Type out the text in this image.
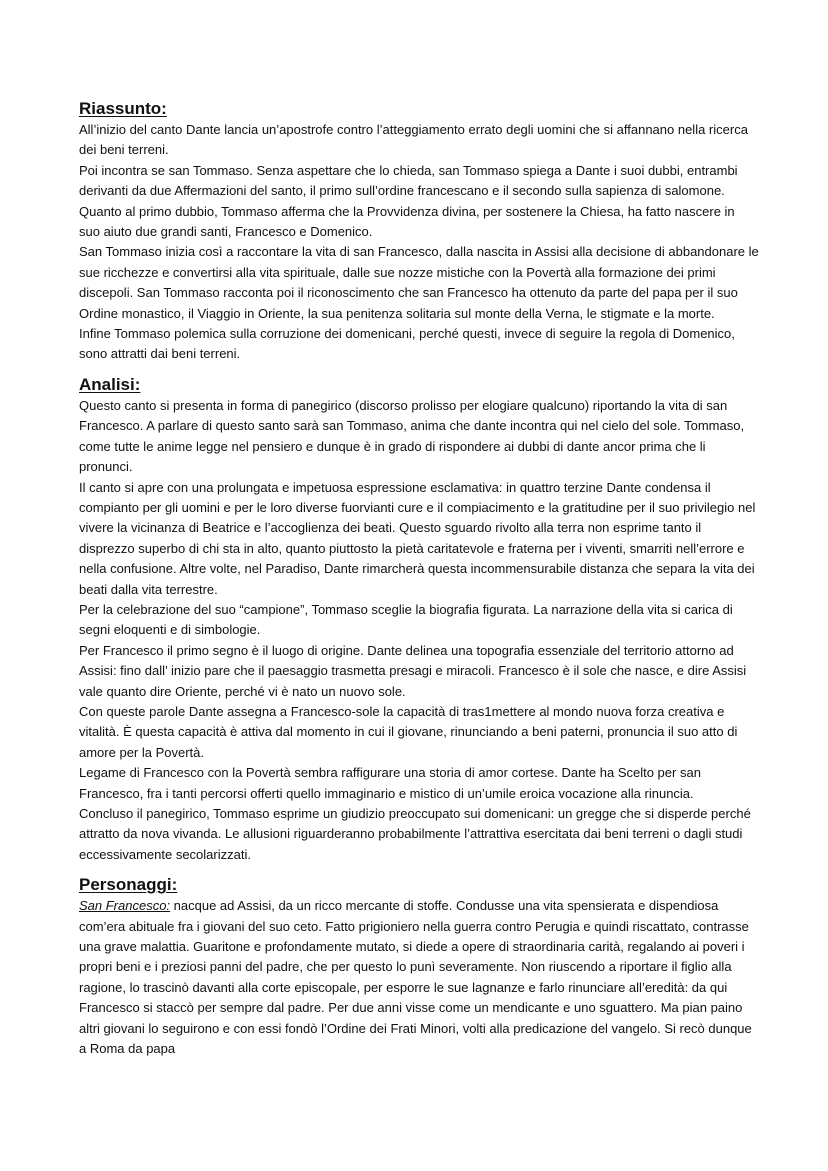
Riassunto:

All’inizio del canto Dante lancia un’apostrofe contro l’atteggiamento errato degli uomini che si affannano nella ricerca dei beni terreni.

Poi incontra se san Tommaso. Senza aspettare che lo chieda, san Tommaso spiega a Dante i suoi dubbi, entrambi derivanti da due Affermazioni del santo, il primo sull’ordine francescano e il secondo sulla sapienza di salomone. Quanto al primo dubbio, Tommaso afferma che la Provvidenza divina, per sostenere la Chiesa, ha fatto nascere in suo aiuto due grandi santi, Francesco e Domenico.

San Tommaso inizia così a raccontare la vita di san Francesco, dalla nascita in Assisi alla decisione di abbandonare le sue ricchezze e convertirsi alla vita spirituale, dalle sue nozze mistiche con la Povertà alla formazione dei primi discepoli. San Tommaso racconta poi il riconoscimento che san Francesco ha ottenuto da parte del papa per il suo Ordine monastico, il Viaggio in Oriente, la sua penitenza solitaria sul monte della Verna, le stigmate e la morte.

Infine Tommaso polemica sulla corruzione dei domenicani, perché questi, invece di seguire la regola di Domenico, sono attratti dai beni terreni.

Analisi:

Questo canto si presenta in forma di panegirico (discorso prolisso per elogiare qualcuno) riportando la vita di san Francesco. A parlare di questo santo sarà san Tommaso, anima che dante incontra qui nel cielo del sole. Tommaso, come tutte le anime legge nel pensiero e dunque è in grado di rispondere ai dubbi di dante ancor prima che li pronunci.

Il canto si apre con una prolungata e impetuosa espressione esclamativa: in quattro terzine Dante condensa il compianto per gli uomini e per le loro diverse fuorvianti cure e il compiacimento e la gratitudine per il suo privilegio nel vivere la vicinanza di Beatrice e l’accoglienza dei beati. Questo sguardo rivolto alla terra non esprime tanto il disprezzo superbo di chi sta in alto, quanto piuttosto la pietà caritatevole e fraterna per i viventi, smarriti nell’errore e nella confusione. Altre volte, nel Paradiso, Dante rimarcherà questa incommensurabile distanza che separa la vita dei beati dalla vita terrestre.

Per la celebrazione del suo “campione”, Tommaso sceglie la biografia figurata. La narrazione della vita si carica di segni eloquenti e di simbologie.

Per Francesco il primo segno è il luogo di origine. Dante delinea una topografia essenziale del territorio attorno ad Assisi: fino dall’ inizio pare che il paesaggio trasmetta presagi e miracoli. Francesco è il sole che nasce, e dire Assisi vale quanto dire Oriente, perché vi è nato un nuovo sole.

Con queste parole Dante assegna a Francesco-sole la capacità di tras1mettere al mondo nuova forza creativa e vitalità. È questa capacità è attiva dal momento in cui il giovane, rinunciando a beni paterni, pronuncia il suo atto di amore per la Povertà.

Legame di Francesco con la Povertà sembra raffigurare una storia di amor cortese. Dante ha Scelto per san Francesco, fra i tanti percorsi offerti quello immaginario e mistico di un’umile eroica vocazione alla rinuncia.

Concluso il panegirico, Tommaso esprime un giudizio preoccupato sui domenicani: un gregge che si disperde perché attratto da nova vivanda. Le allusioni riguarderanno probabilmente l’attrattiva esercitata dai beni terreni o dagli studi eccessivamente secolarizzati.

Personaggi:

San Francesco: nacque ad Assisi, da un ricco mercante di stoffe. Condusse una vita spensierata e dispendiosa com’era abituale fra i giovani del suo ceto. Fatto prigioniero nella guerra contro Perugia e quindi riscattato, contrasse una grave malattia. Guaritone e profondamente mutato, si diede a opere di straordinaria carità, regalando ai poveri i propri beni e i preziosi panni del padre, che per questo lo punì severamente. Non riuscendo a riportare il figlio alla ragione, lo trascinò davanti alla corte episcopale, per esporre le sue lagnanze e farlo rinunciare all’eredità: da qui Francesco si staccò per sempre dal padre. Per due anni visse come un mendicante e uno sguattero. Ma pian paino altri giovani lo seguirono e con essi fondò l’Ordine dei Frati Minori, volti alla predicazione del vangelo. Si recò dunque a Roma da papa
